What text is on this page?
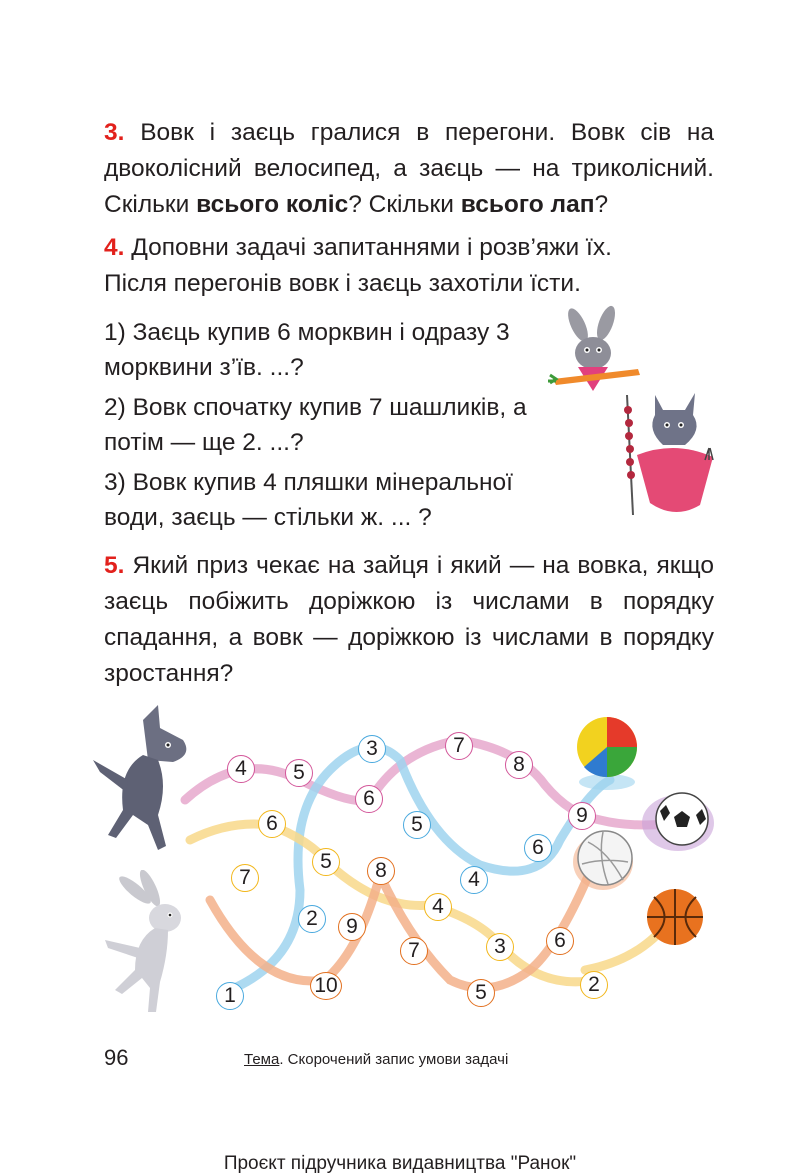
3. Вовк і заєць гралися в перегони. Вовк сів на двоколісний велосипед, а заєць — на триколісний. Скільки всього коліс? Скільки всього лап?

4. Доповни задачі запитаннями і розв’яжи їх.
Після перегонів вовк і заєць захотіли їсти.

1) Заєць купив 6 морквин і одразу 3 морквини з’їв. ...?

2) Вовк спочатку купив 7 шашликів, а потім — ще 2. ...?

3) Вовк купив 4 пляшки мінеральної води, заєць — стільки ж. ... ?

5. Який приз чекає на зайця і який — на вовка, якщо заєць побіжить доріжкою із числами в порядку спадання, а вовк — доріжкою із числами в порядку зростання?

4	5
6
7
8
9
1
2
3
4
5
6
7
6
5
4
3
2
10
9
8
7
5
6
96	Тема. Скорочений запис умови задачі
Проєкт підручника видавництва "Ранок"
